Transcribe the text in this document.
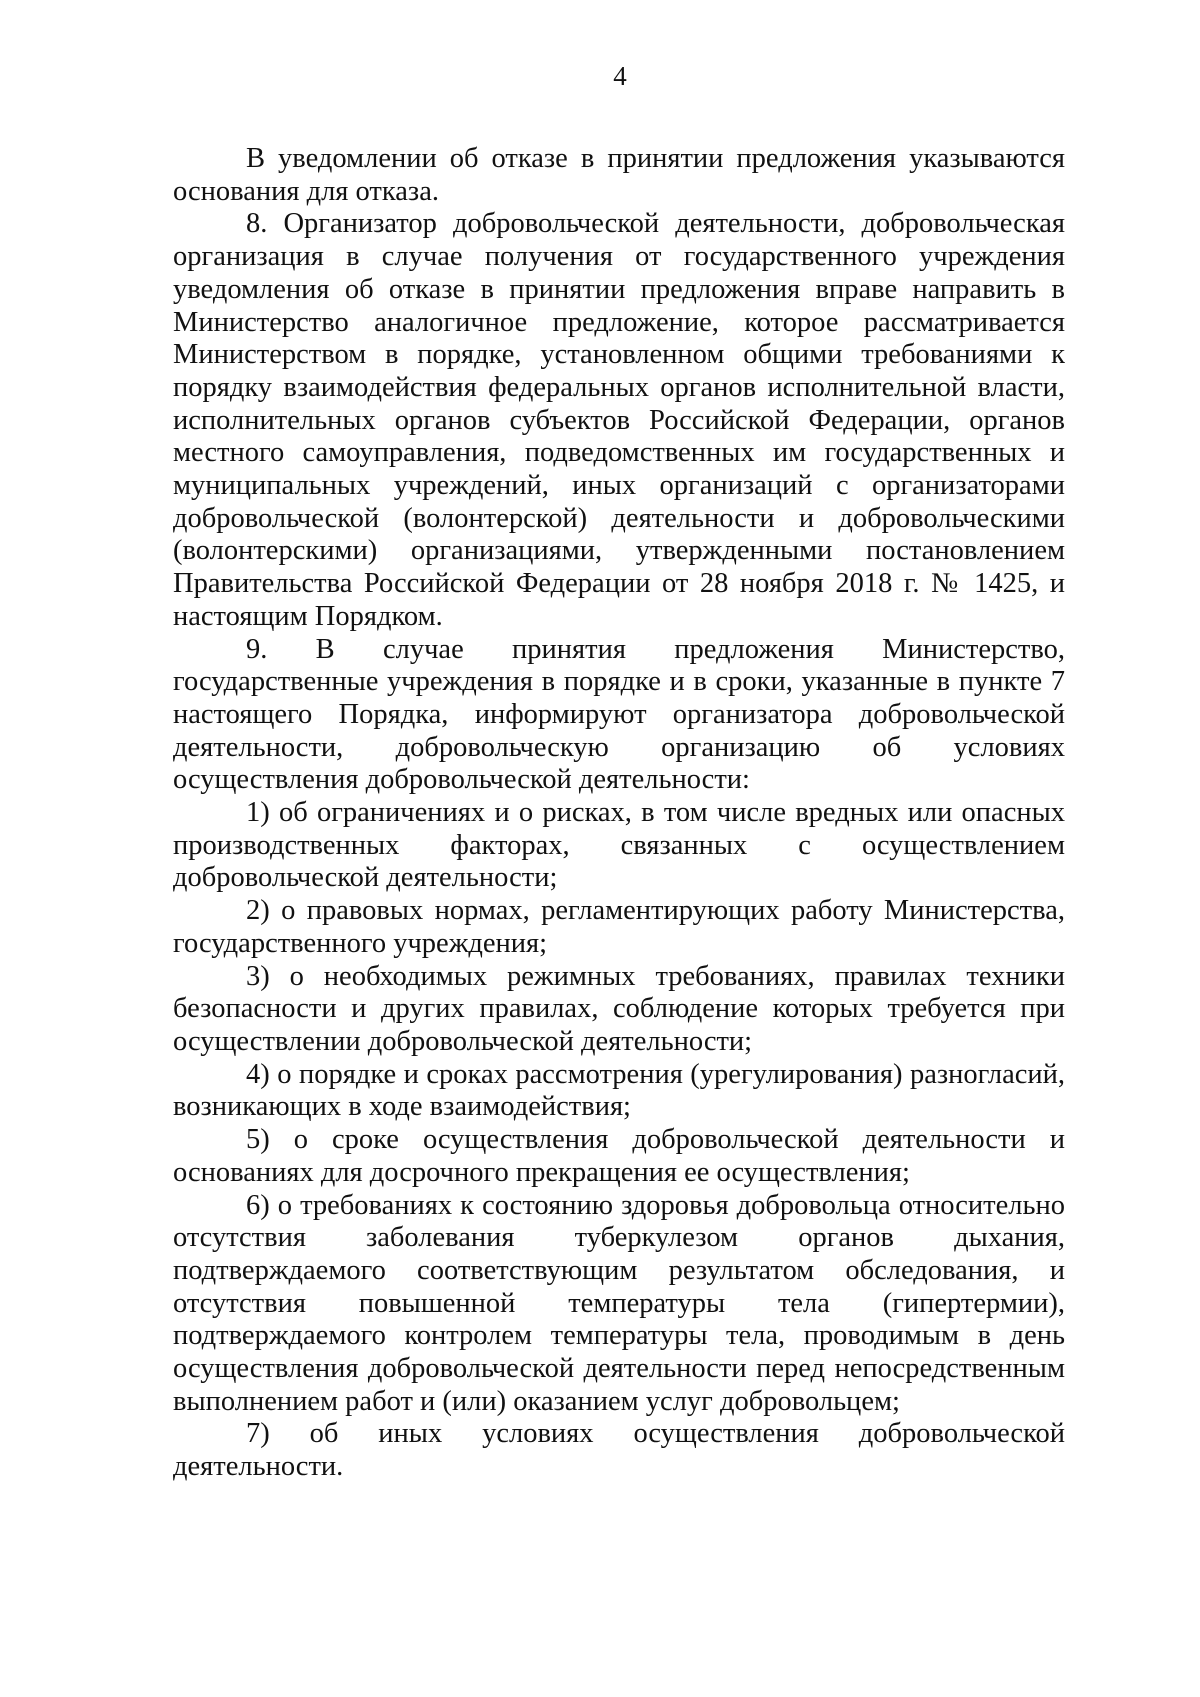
4

В уведомлении об отказе в принятии предложения указываются основания для отказа.

8. Организатор добровольческой деятельности, добровольческая организация в случае получения от государственного учреждения уведомления об отказе в принятии предложения вправе направить в Министерство аналогичное предложение, которое рассматривается Министерством в порядке, установленном общими требованиями к порядку взаимодействия федеральных органов исполнительной власти, исполнительных органов субъектов Российской Федерации, органов местного самоуправления, подведомственных им государственных и муниципальных учреждений, иных организаций с организаторами добровольческой (волонтерской) деятельности и добровольческими (волонтерскими) организациями, утвержденными постановлением Правительства Российской Федерации от 28 ноября 2018 г. № 1425, и настоящим Порядком.

9. В случае принятия предложения Министерство, государственные учреждения в порядке и в сроки, указанные в пункте 7 настоящего Порядка, информируют организатора добровольческой деятельности, добровольческую организацию об условиях осуществления добровольческой деятельности:

1) об ограничениях и о рисках, в том числе вредных или опасных производственных факторах, связанных с осуществлением добровольческой деятельности;

2) о правовых нормах, регламентирующих работу Министерства, государственного учреждения;

3) о необходимых режимных требованиях, правилах техники безопасности и других правилах, соблюдение которых требуется при осуществлении добровольческой деятельности;

4) о порядке и сроках рассмотрения (урегулирования) разногласий, возникающих в ходе взаимодействия;

5) о сроке осуществления добровольческой деятельности и основаниях для досрочного прекращения ее осуществления;

6) о требованиях к состоянию здоровья добровольца относительно отсутствия заболевания туберкулезом органов дыхания, подтверждаемого соответствующим результатом обследования, и отсутствия повышенной температуры тела (гипертермии), подтверждаемого контролем температуры тела, проводимым в день осуществления добровольческой деятельности перед непосредственным выполнением работ и (или) оказанием услуг добровольцем;

7) об иных условиях осуществления добровольческой деятельности.
